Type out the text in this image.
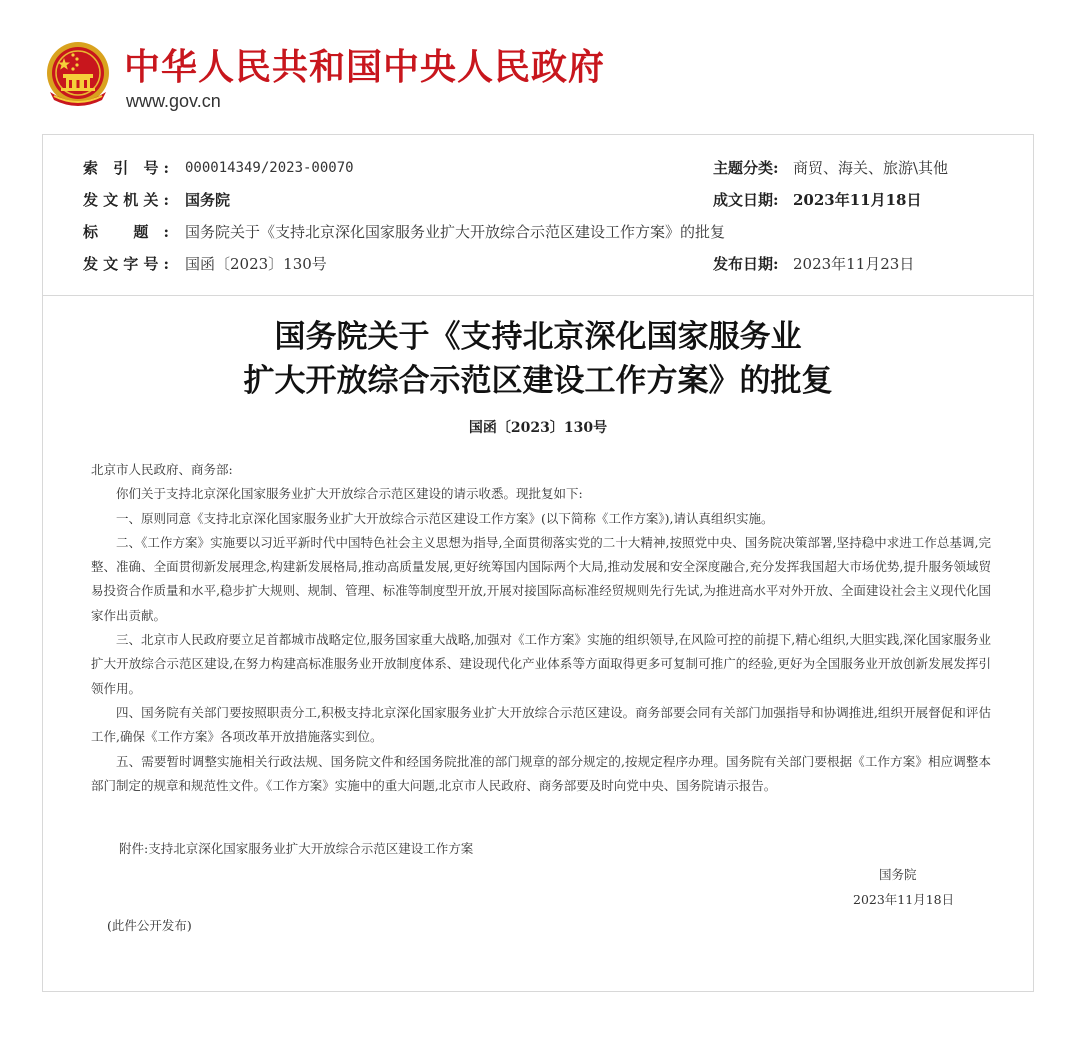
中华人民共和国中央人民政府
www.gov.cn
索 引 号: 000014349/2023-00070	主题分类: 商贸、海关、旅游\其他
发文机关: 国务院	成文日期: 2023年11月18日
标 题: 国务院关于《支持北京深化国家服务业扩大开放综合示范区建设工作方案》的批复
发文字号: 国函〔2023〕130号	发布日期: 2023年11月23日
国务院关于《支持北京深化国家服务业
扩大开放综合示范区建设工作方案》的批复
国函〔2023〕130号

北京市人民政府、商务部:

你们关于支持北京深化国家服务业扩大开放综合示范区建设的请示收悉。现批复如下:

一、原则同意《支持北京深化国家服务业扩大开放综合示范区建设工作方案》(以下简称《工作方案》),请认真组织实施。

二、《工作方案》实施要以习近平新时代中国特色社会主义思想为指导,全面贯彻落实党的二十大精神,按照党中央、国务院决策部署,坚持稳中求进工作总基调,完整、准确、全面贯彻新发展理念,构建新发展格局,推动高质量发展,更好统筹国内国际两个大局,推动发展和安全深度融合,充分发挥我国超大市场优势,提升服务领域贸易投资合作质量和水平,稳步扩大规则、规制、管理、标准等制度型开放,开展对接国际高标准经贸规则先行先试,为推进高水平对外开放、全面建设社会主义现代化国家作出贡献。

三、北京市人民政府要立足首都城市战略定位,服务国家重大战略,加强对《工作方案》实施的组织领导,在风险可控的前提下,精心组织,大胆实践,深化国家服务业扩大开放综合示范区建设,在努力构建高标准服务业开放制度体系、建设现代化产业体系等方面取得更多可复制可推广的经验,更好为全国服务业开放创新发展发挥引领作用。

四、国务院有关部门要按照职责分工,积极支持北京深化国家服务业扩大开放综合示范区建设。商务部要会同有关部门加强指导和协调推进,组织开展督促和评估工作,确保《工作方案》各项改革开放措施落实到位。

五、需要暂时调整实施相关行政法规、国务院文件和经国务院批准的部门规章的部分规定的,按规定程序办理。国务院有关部门要根据《工作方案》相应调整本部门制定的规章和规范性文件。《工作方案》实施中的重大问题,北京市人民政府、商务部要及时向党中央、国务院请示报告。

附件:支持北京深化国家服务业扩大开放综合示范区建设工作方案
国务院
2023年11月18日
(此件公开发布)
